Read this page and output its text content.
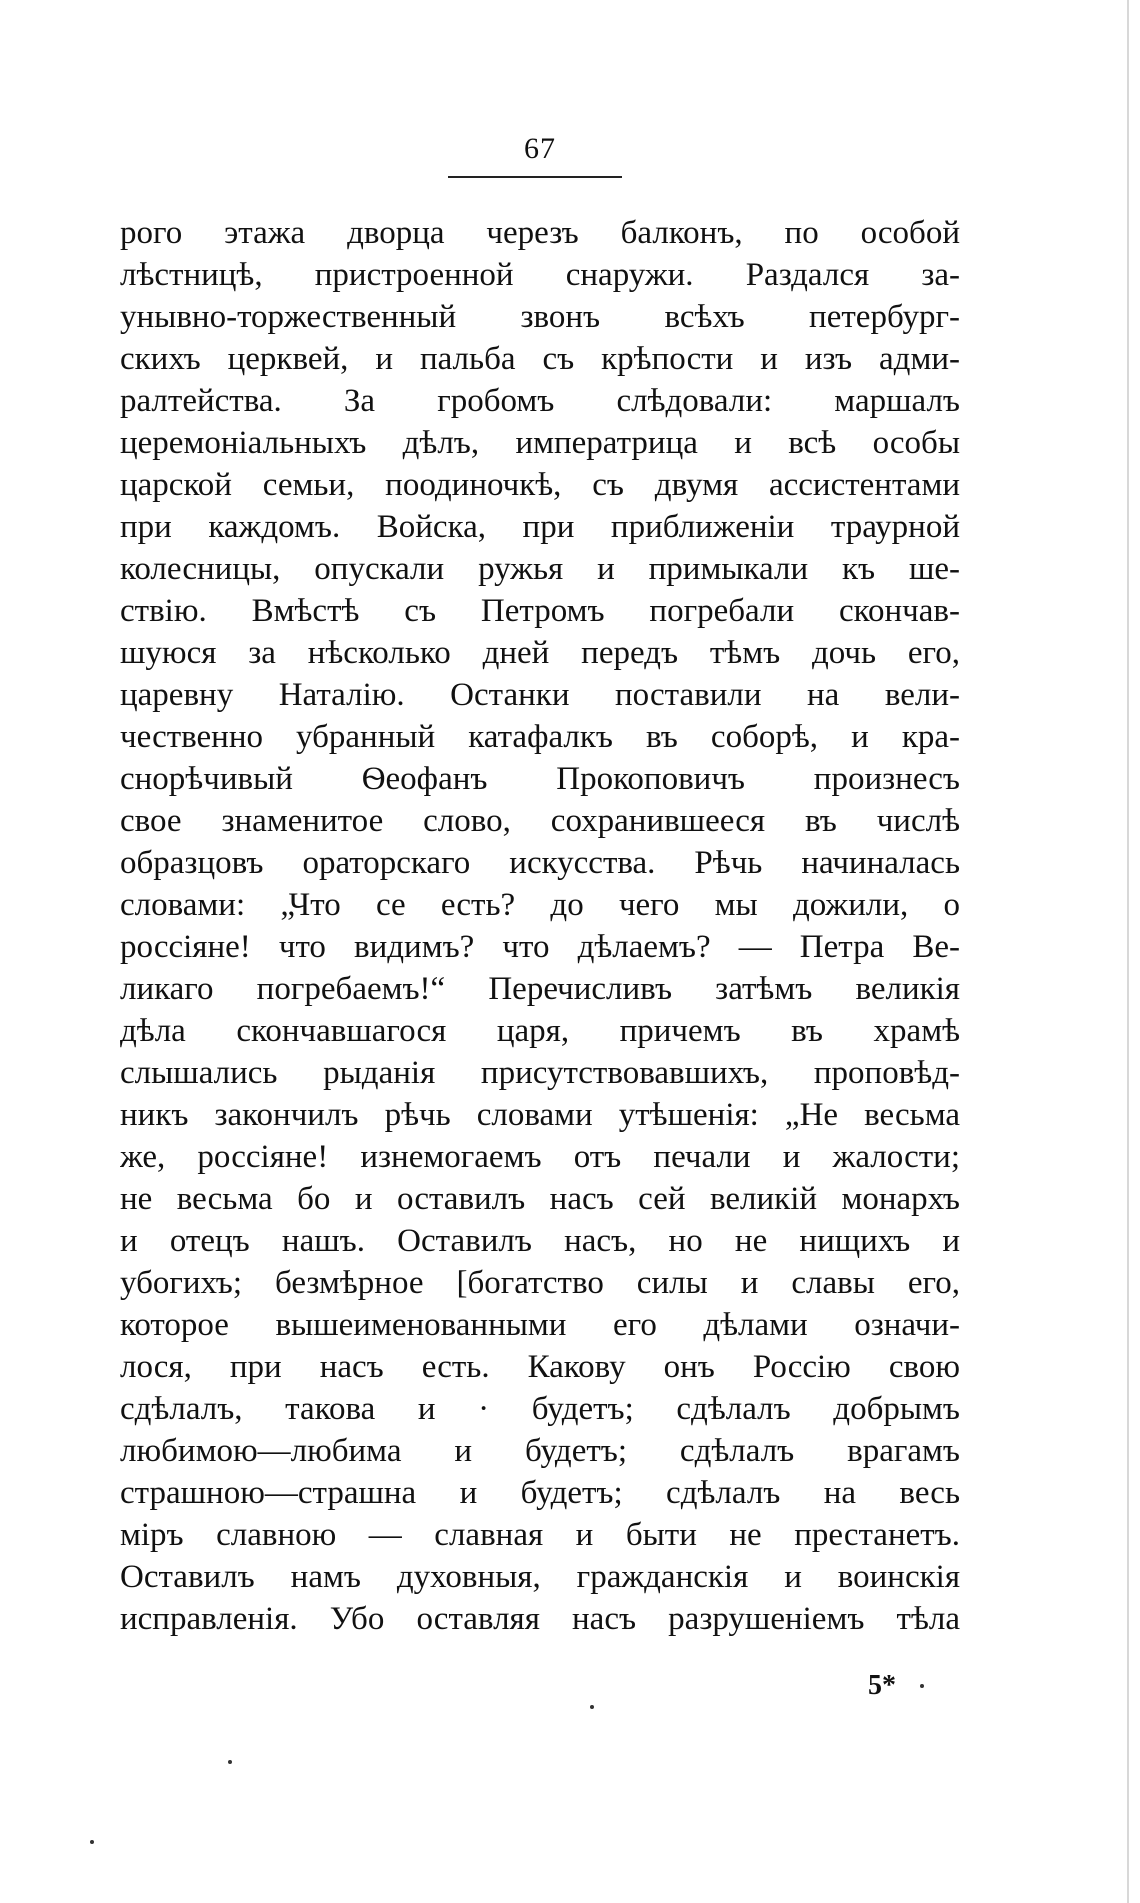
67
рого этажа дворца черезъ балконъ, по особой
лѣстницѣ, пристроенной снаружи. Раздался за-
унывно-торжественный звонъ всѣхъ петербург-
скихъ церквей, и пальба съ крѣпости и изъ адми-
ралтейства. За гробомъ слѣдовали: маршалъ
церемоніальныхъ дѣлъ, императрица и всѣ особы
царской семьи, поодиночкѣ, съ двумя ассистентами
при каждомъ. Войска, при приближеніи траурной
колесницы, опускали ружья и примыкали къ ше-
ствію. Вмѣстѣ съ Петромъ погребали скончав-
шуюся за нѣсколько дней передъ тѣмъ дочь его,
царевну Наталію. Останки поставили на вели-
чественно убранный катафалкъ въ соборѣ, и кра-
снорѣчивый Ѳеофанъ Прокоповичъ произнесъ
свое знаменитое слово, сохранившееся въ числѣ
образцовъ ораторскаго искусства. Рѣчь начиналась
словами: „Что се есть? до чего мы дожили, о
россіяне! что видимъ? что дѣлаемъ? — Петра Ве-
ликаго погребаемъ!“ Перечисливъ затѣмъ великія
дѣла скончавшагося царя, причемъ въ храмѣ
слышались рыданія присутствовавшихъ, проповѣд-
никъ закончилъ рѣчь словами утѣшенія: „Не весьма
же, россіяне! изнемогаемъ отъ печали и жалости;
не весьма бо и оставилъ насъ сей великій монархъ
и отецъ нашъ. Оставилъ насъ, но не нищихъ и
убогихъ; безмѣрное [богатство силы и славы его,
которое вышеименованными его дѣлами означи-
лося, при насъ есть. Какову онъ Россію свою
сдѣлалъ, такова и · будетъ; сдѣлалъ добрымъ
любимою—любима и будетъ; сдѣлалъ врагамъ
страшною—страшна и будетъ; сдѣлалъ на весь
міръ славною — славная и быти не престанетъ.
Оставилъ намъ духовныя, гражданскія и воинскія
исправленія. Убо оставляя насъ разрушеніемъ тѣла
5*
